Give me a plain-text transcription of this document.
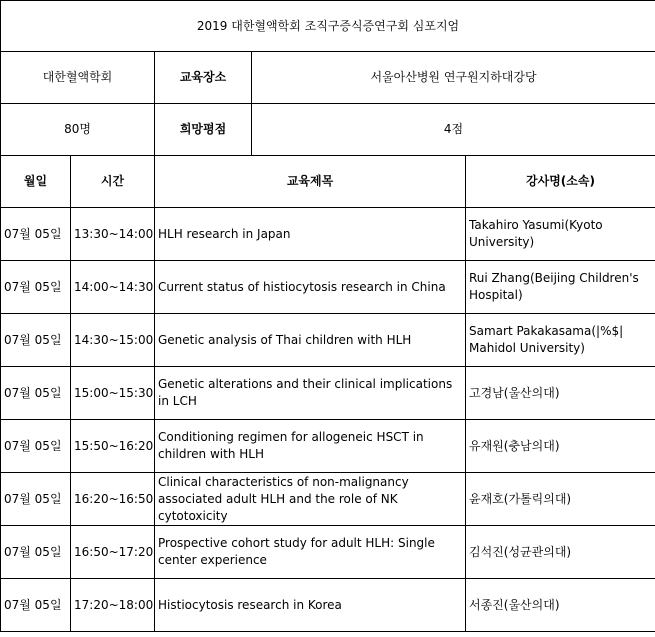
2019 대한혈액학회 조직구증식증연구회 심포지엄				
대한혈액학회		교육장소	서울아산병원 연구원지하대강당	
80명		희망평점	4점	
월일	시간	교육제목		강사명(소속)
07월 05일	13:30~14:00	HLH research in Japan		Takahiro Yasumi(Kyoto University)
07월 05일	14:00~14:30	Current status of histiocytosis research in China		Rui Zhang(Beijing Children's Hospital)
07월 05일	14:30~15:00	Genetic analysis of Thai children with HLH		Samart Pakakasama(|%$| Mahidol University)
07월 05일	15:00~15:30	Genetic alterations and their clinical implications in LCH		고경남(울산의대)
07월 05일	15:50~16:20	Conditioning regimen for allogeneic HSCT in children with HLH		유재원(충남의대)
07월 05일	16:20~16:50	Clinical characteristics of non-malignancy associated adult HLH and the role of NK cytotoxicity		윤재호(가톨릭의대)
07월 05일	16:50~17:20	Prospective cohort study for adult HLH: Single center experience		김석진(성균관의대)
07월 05일	17:20~18:00	Histiocytosis research in Korea		서종진(울산의대)
